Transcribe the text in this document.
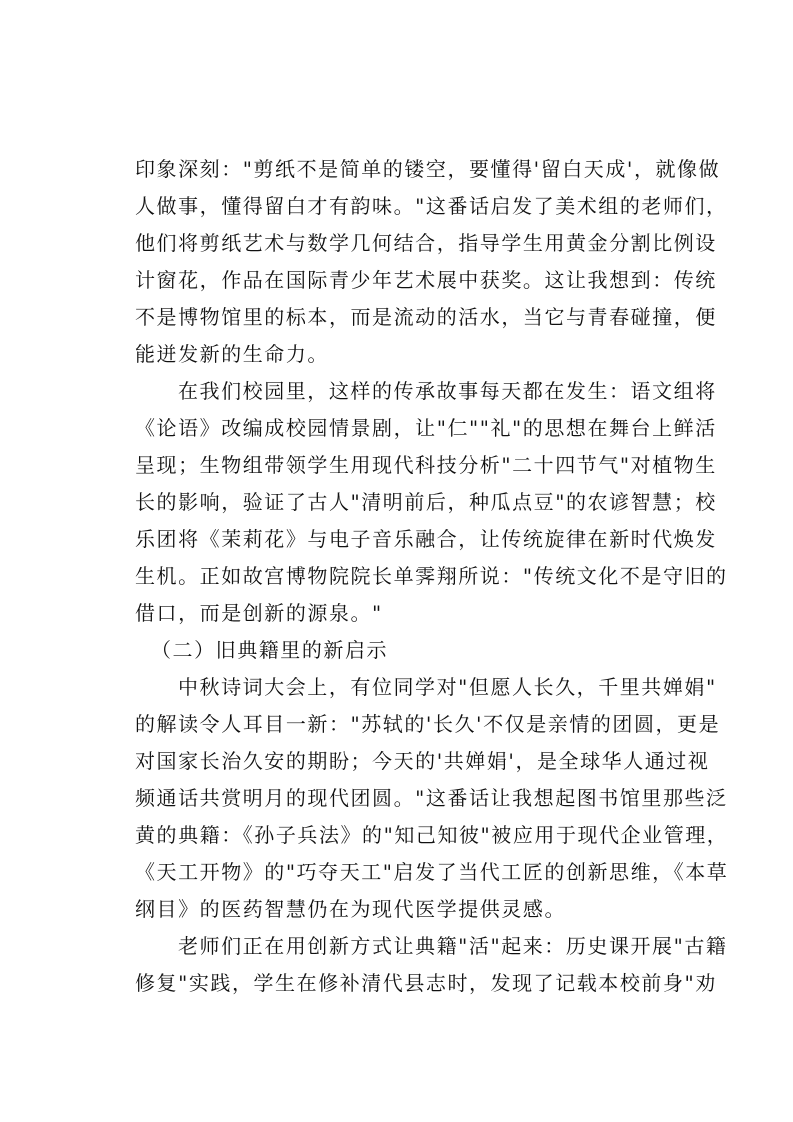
印象深刻："剪纸不是简单的镂空，要懂得'留白天成'，就像做
人做事，懂得留白才有韵味。"这番话启发了美术组的老师们，
他们将剪纸艺术与数学几何结合，指导学生用黄金分割比例设
计窗花，作品在国际青少年艺术展中获奖。这让我想到：传统
不是博物馆里的标本，而是流动的活水，当它与青春碰撞，便
能迸发新的生命力。
在我们校园里，这样的传承故事每天都在发生：语文组将
《论语》改编成校园情景剧，让"仁""礼"的思想在舞台上鲜活
呈现；生物组带领学生用现代科技分析"二十四节气"对植物生
长的影响，验证了古人"清明前后，种瓜点豆"的农谚智慧；校
乐团将《茉莉花》与电子音乐融合，让传统旋律在新时代焕发
生机。正如故宫博物院院长单霁翔所说："传统文化不是守旧的
借口，而是创新的源泉。"
（二）旧典籍里的新启示
中秋诗词大会上，有位同学对"但愿人长久，千里共婵娟"
的解读令人耳目一新："苏轼的'长久'不仅是亲情的团圆，更是
对国家长治久安的期盼；今天的'共婵娟'，是全球华人通过视
频通话共赏明月的现代团圆。"这番话让我想起图书馆里那些泛
黄的典籍：《孙子兵法》的"知己知彼"被应用于现代企业管理，
《天工开物》的"巧夺天工"启发了当代工匠的创新思维，《本草
纲目》的医药智慧仍在为现代医学提供灵感。
老师们正在用创新方式让典籍"活"起来：历史课开展"古籍
修复"实践，学生在修补清代县志时，发现了记载本校前身"劝
